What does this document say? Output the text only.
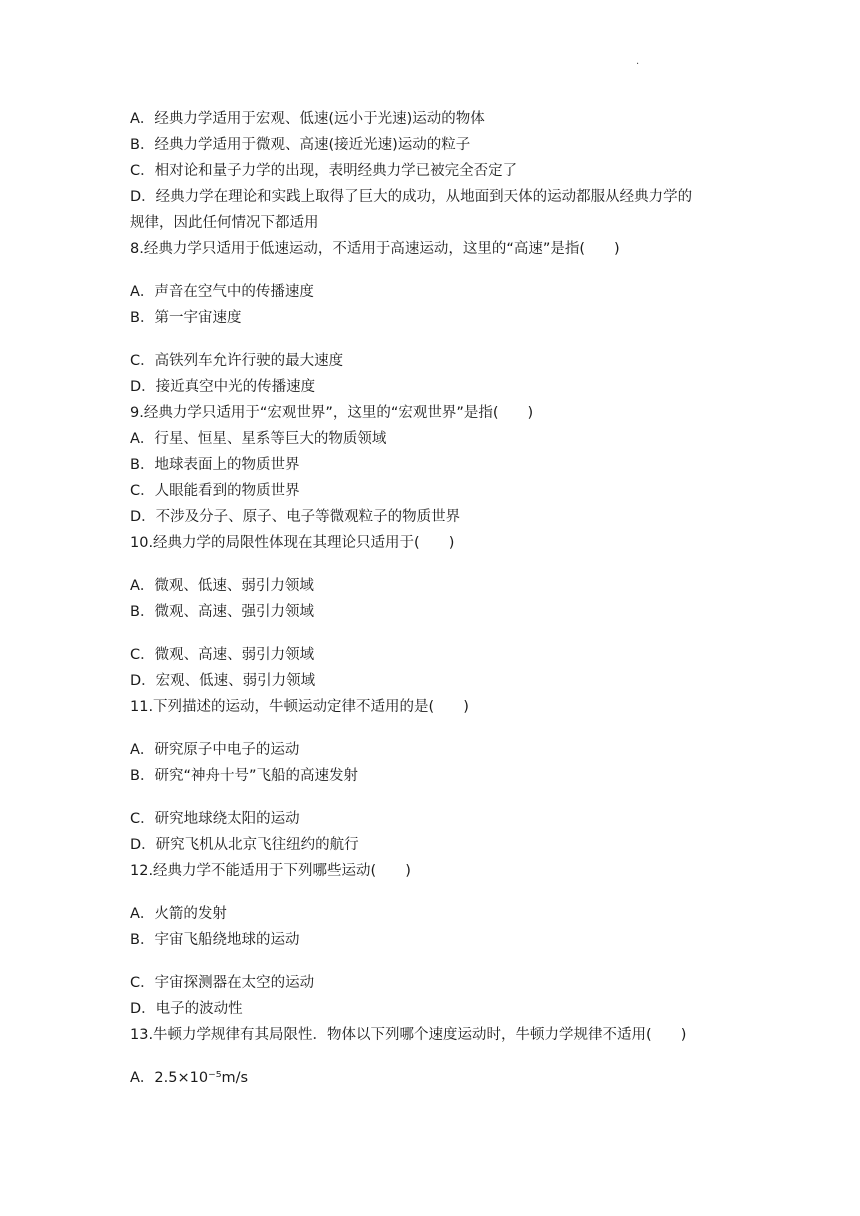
.
A．经典力学适用于宏观、低速(远小于光速)运动的物体
B．经典力学适用于微观、高速(接近光速)运动的粒子
C．相对论和量子力学的出现，表明经典力学已被完全否定了
D．经典力学在理论和实践上取得了巨大的成功，从地面到天体的运动都服从经典力学的
规律，因此任何情况下都适用
8.经典力学只适用于低速运动，不适用于高速运动，这里的“高速”是指(　　)
A．声音在空气中的传播速度
B．第一宇宙速度
C．高铁列车允许行驶的最大速度
D．接近真空中光的传播速度
9.经典力学只适用于“宏观世界”，这里的“宏观世界”是指(　　)
A．行星、恒星、星系等巨大的物质领域
B．地球表面上的物质世界
C．人眼能看到的物质世界
D．不涉及分子、原子、电子等微观粒子的物质世界
10.经典力学的局限性体现在其理论只适用于(　　)
A．微观、低速、弱引力领域
B．微观、高速、强引力领域
C．微观、高速、弱引力领域
D．宏观、低速、弱引力领域
11.下列描述的运动，牛顿运动定律不适用的是(　　)
A．研究原子中电子的运动
B．研究“神舟十号”飞船的高速发射
C．研究地球绕太阳的运动
D．研究飞机从北京飞往纽约的航行
12.经典力学不能适用于下列哪些运动(　　)
A．火箭的发射
B．宇宙飞船绕地球的运动
C．宇宙探测器在太空的运动
D．电子的波动性
13.牛顿力学规律有其局限性．物体以下列哪个速度运动时，牛顿力学规律不适用(　　)
A．2.5×10⁻⁵m/s
